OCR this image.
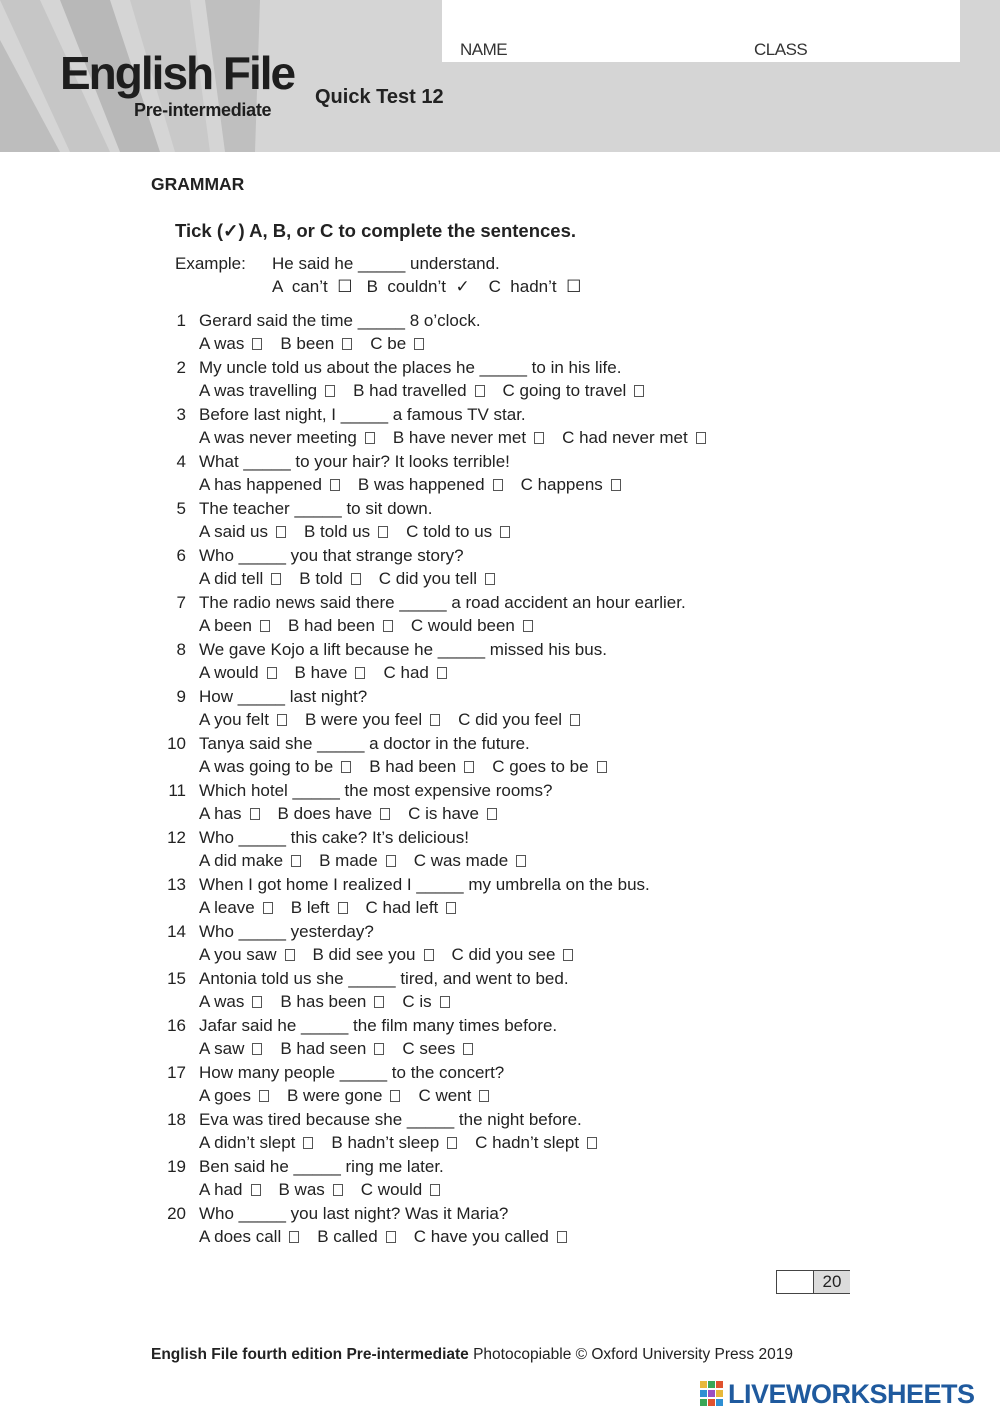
English File
Pre-intermediate
Quick Test 12
NAME	CLASS
GRAMMAR
Tick (✓) A, B, or C to complete the sentences.
Example: He said he _____ understand.
A  can’t  ☐   B  couldn’t  ✓    C  hadn’t  ☐
1 Gerard said the time _____ 8 o’clock.
A was B been C be
2 My uncle told us about the places he _____ to in his life.
A was travelling B had travelled C going to travel
3 Before last night, I _____ a famous TV star.
A was never meeting B have never met C had never met
4 What _____ to your hair? It looks terrible!
A has happened B was happened C happens
5 The teacher _____ to sit down.
A said us B told us C told to us
6 Who _____ you that strange story?
A did tell B told C did you tell
7 The radio news said there _____ a road accident an hour earlier.
A been B had been C would been
8 We gave Kojo a lift because he _____ missed his bus.
A would B have C had
9 How _____ last night?
A you felt B were you feel C did you feel
10 Tanya said she _____ a doctor in the future.
A was going to be B had been C goes to be
11 Which hotel _____ the most expensive rooms?
A has B does have C is have
12 Who _____ this cake? It’s delicious!
A did make B made C was made
13 When I got home I realized I _____ my umbrella on the bus.
A leave B left C had left
14 Who _____ yesterday?
A you saw B did see you C did you see
15 Antonia told us she _____ tired, and went to bed.
A was B has been C is
16 Jafar said he _____ the film many times before.
A saw B had seen C sees
17 How many people _____ to the concert?
A goes B were gone C went
18 Eva was tired because she _____ the night before.
A didn’t slept B hadn’t sleep C hadn’t slept
19 Ben said he _____ ring me later.
A had B was C would
20 Who _____ you last night? Was it Maria?
A does call B called C have you called
20
English File fourth edition Pre-intermediate Photocopiable © Oxford University Press 2019
LIVEWORKSHEETS
